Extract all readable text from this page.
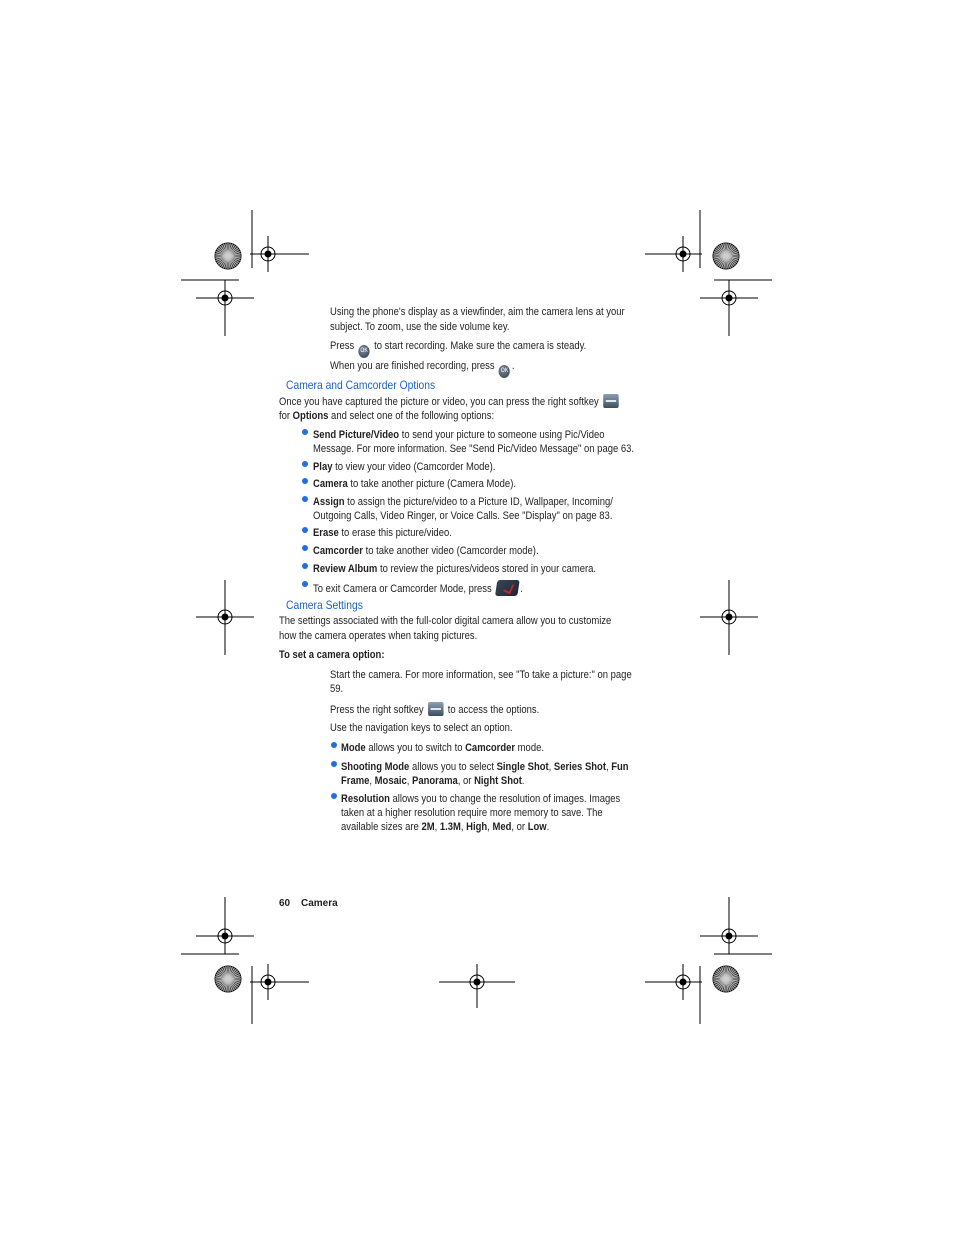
Using the phone's display as a viewfinder, aim the camera lens at your
subject. To zoom, use the side volume key.
Press OK to start recording. Make sure the camera is steady.
When you are finished recording, press OK .
Camera and Camcorder Options
Once you have captured the picture or video, you can press the right softkey
for Options and select one of the following options:
Send Picture/Video to send your picture to someone using Pic/Video
Message. For more information. See "Send Pic/Video Message" on page 63.
Play to view your video (Camcorder Mode).
Camera to take another picture (Camera Mode).
Assign to assign the picture/video to a Picture ID, Wallpaper, Incoming/
Outgoing Calls, Video Ringer, or Voice Calls. See "Display" on page 83.
Erase to erase this picture/video.
Camcorder to take another video (Camcorder mode).
Review Album to review the pictures/videos stored in your camera.
To exit Camera or Camcorder Mode, press	.
Camera Settings
The settings associated with the full-color digital camera allow you to customize
how the camera operates when taking pictures.
To set a camera option:
Start the camera. For more information, see "To take a picture:" on page
59.
Press the right softkey to access the options.
Use the navigation keys to select an option.
Mode allows you to switch to Camcorder mode.
Shooting Mode allows you to select Single Shot, Series Shot, Fun
Frame, Mosaic, Panorama, or Night Shot.
Resolution allows you to change the resolution of images. Images
taken at a higher resolution require more memory to save. The
available sizes are 2M, 1.3M, High, Med, or Low.
60 Camera
